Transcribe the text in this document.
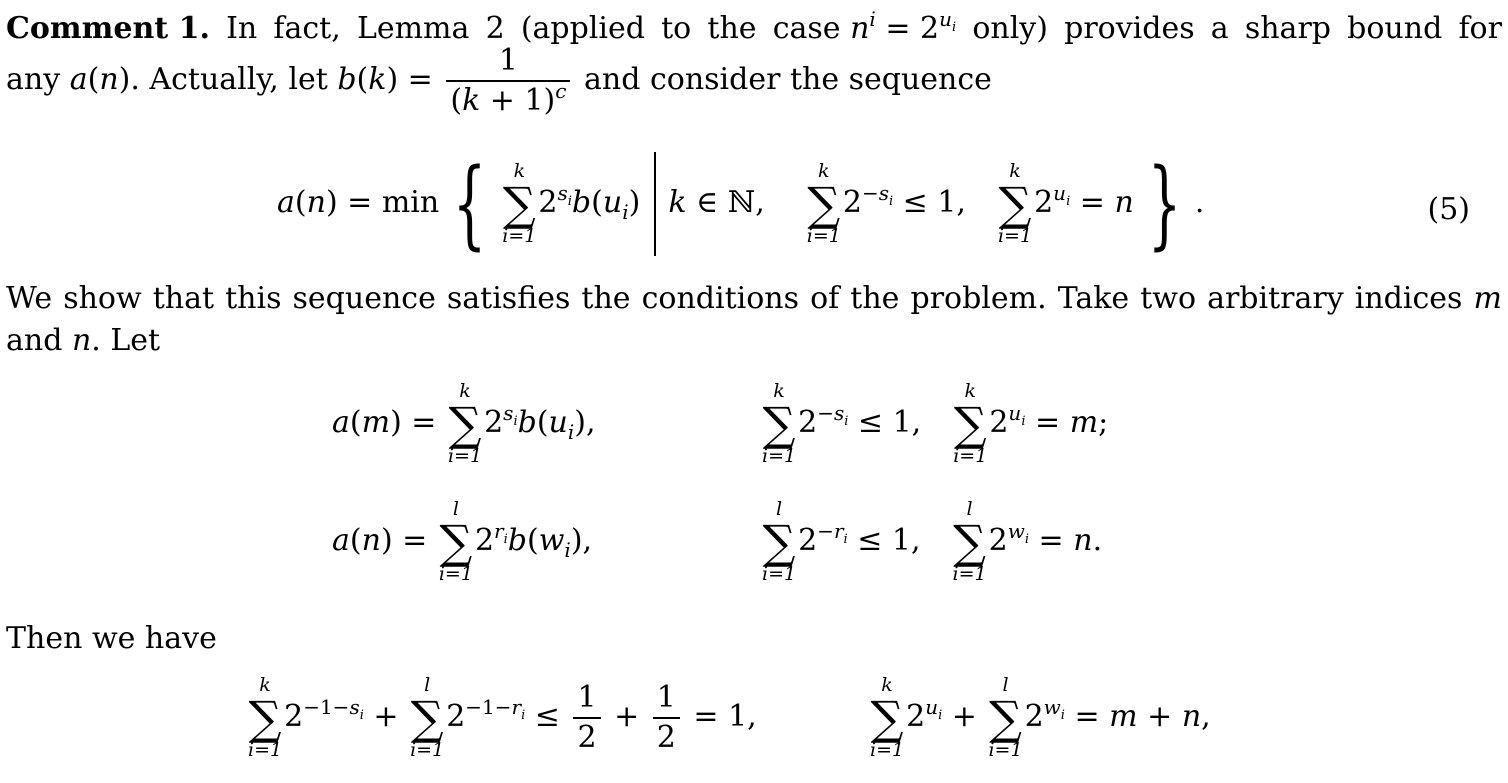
Comment 1. In fact, Lemma 2 (applied to the case $n^i = 2^{u_i}$ only) provides a sharp bound for
any a(n). Actually, let $b(k) = \frac{1}{(k + 1)^c}$ and consider the sequence
a(n) = min { k
∑
i=1
$2^{s_i}b(u_i)$ k ∈ ℕ,
k
∑
i=1
$2^{-s_i} \le 1$,
k
∑
i=1
$2^{u_i} = n$ } .	(5)
We show that this sequence satisfies the conditions of the problem. Take two arbitrary indices m
and n. Let
a(m) =
k
∑
i=1
$2^{s_i}b(u_i)$,
k
∑
i=1
$2^{-s_i} \le 1$,
k
∑
i=1
$2^{u_i} = m$;
a(n) =
l
∑
i=1
$2^{r_i}b(w_i)$,
l
∑
i=1
$2^{-r_i} \le 1$,
l
∑
i=1
$2^{w_i} = n$.
Then we have
k
∑
i=1
$2^{-1-s_i}$ +
l
∑
i=1
$2^{-1-r_i} \le \frac{1}{2} + \frac{1}{2} = 1$,
k
∑
i=1
$2^{u_i}$ +
l
∑
i=1
$2^{w_i} = m + n$,
